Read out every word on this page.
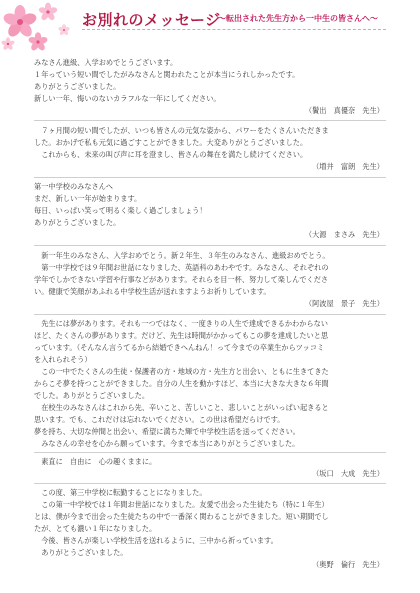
お別れのメッセージ
～転出された先生方から一中生の皆さんへ～

みなさん進級、入学おめでとうございます。

１年っていう短い間でしたがみなさんと関われたことが本当にうれしかったです。

ありがとうございました。

新しい一年、悔いのないカラフルな一年にしてください。

（鬢出　真優奈　先生）

　７ヶ月間の短い間でしたが、いつも皆さんの元気な姿から、パワーをたくさんいただきま

した。おかげで私も元気に過ごすことができました。大変ありがとうございました。

　これからも、未来の叫び声に耳を澄まし、皆さんの舞在を満たし続けてください。

（増井　富朗　先生）

第一中学校のみなさんへ

まだ、新しい一年が始まります。

毎日、いっぱい笑って明るく楽しく過ごしましょう！

ありがとうございました。

（大源　まさみ　先生）

　新一年生のみなさん、入学おめでとう。新２年生、３年生のみなさん、進級おめでとう。

　第一中学校では９年間お世話になりました、英語科のあわやです。みなさん、それぞれの

学年でしかできない学習や行事などがあります。それらを目一杯、努力して楽しんでくださ

い。健康で笑顔があふれる中学校生活が送れますようお祈りしています。

（阿波屋　景子　先生）

　先生には夢があります。それも一つではなく、一度きりの人生で達成できるかわからない

ほど、たくさんの夢があります。だけど、先生は時間がかかってもこの夢を達成したいと思

っています。（そんなん言うてるから結婚できへんねん！って今までの卒業生からツッコミ

を入れられそう）

　この一中でたくさんの生徒・保護者の方・地域の方・先生方と出会い、ともに生きてきた

からこそ夢を持つことができました。自分の人生を動かすほど、本当に大きな大きな６年間

でした。ありがとうございました。

　在校生のみなさんはこれから先、辛いこと、苦しいこと、悲しいことがいっぱい起きると

思います。でも、これだけは忘れないでください。この世は希望だらけです。

夢を持ち、大切な仲間と出会い、希望に満ちた輝で中学校生活を送ってください。

　みなさんの幸せを心から願っています。今まで本当にありがとうございました。

　素直に　自由に　心の趣くままに。

（坂口　大成　先生）

　この度、第三中学校に転勤することになりました。

　この第一中学校では１年間お世話になりました。友愛で出会った生徒たち（特に１年生）

とは、僕が今まで出会った生徒たちの中で一番深く関わることができました。短い期間でし

たが、とても濃い１年になりました。

　今後、皆さんが楽しい学校生活を送れるように、三中から祈っています。

　ありがとうございました。

（奥野　倫行　先生）
